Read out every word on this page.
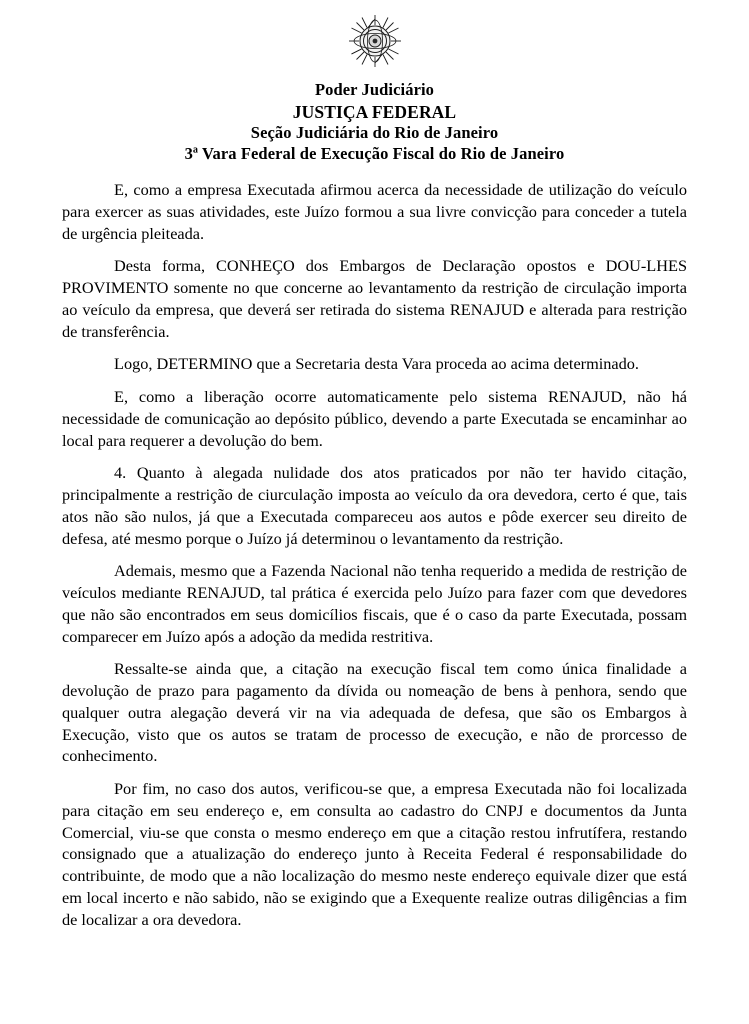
Poder Judiciário
JUSTIÇA FEDERAL
Seção Judiciária do Rio de Janeiro
3ª Vara Federal de Execução Fiscal do Rio de Janeiro

E, como a empresa Executada afirmou acerca da necessidade de utilização do veículo para exercer as suas atividades, este Juízo formou a sua livre convicção para conceder a tutela de urgência pleiteada.

Desta forma, CONHEÇO dos Embargos de Declaração opostos e DOU-LHES PROVIMENTO somente no que concerne ao levantamento da restrição de circulação importa ao veículo da empresa, que deverá ser retirada do sistema RENAJUD e alterada para restrição de transferência.

Logo, DETERMINO que a Secretaria desta Vara proceda ao acima determinado.

E, como a liberação ocorre automaticamente pelo sistema RENAJUD, não há necessidade de comunicação ao depósito público, devendo a parte Executada se encaminhar ao local para requerer a devolução do bem.

4. Quanto à alegada nulidade dos atos praticados por não ter havido citação, principalmente a restrição de ciurculação imposta ao veículo da ora devedora, certo é que, tais atos não são nulos, já que a Executada compareceu aos autos e pôde exercer seu direito de defesa, até mesmo porque o Juízo já determinou o levantamento da restrição.

Ademais, mesmo que a Fazenda Nacional não tenha requerido a medida de restrição de veículos mediante RENAJUD, tal prática é exercida pelo Juízo para fazer com que devedores que não são encontrados em seus domicílios fiscais, que é o caso da parte Executada, possam comparecer em Juízo após a adoção da medida restritiva.

Ressalte-se ainda que, a citação na execução fiscal tem como única finalidade a devolução de prazo para pagamento da dívida ou nomeação de bens à penhora, sendo que qualquer outra alegação deverá vir na via adequada de defesa, que são os Embargos à Execução, visto que os autos se tratam de processo de execução, e não de prorcesso de conhecimento.

Por fim, no caso dos autos, verificou-se que, a empresa Executada não foi localizada para citação em seu endereço e, em consulta ao cadastro do CNPJ e documentos da Junta Comercial, viu-se que consta o mesmo endereço em que a citação restou infrutífera, restando consignado que a atualização do endereço junto à Receita Federal é responsabilidade do contribuinte, de modo que a não localização do mesmo neste endereço equivale dizer que está em local incerto e não sabido, não se exigindo que a Exequente realize outras diligências a fim de localizar a ora devedora.
